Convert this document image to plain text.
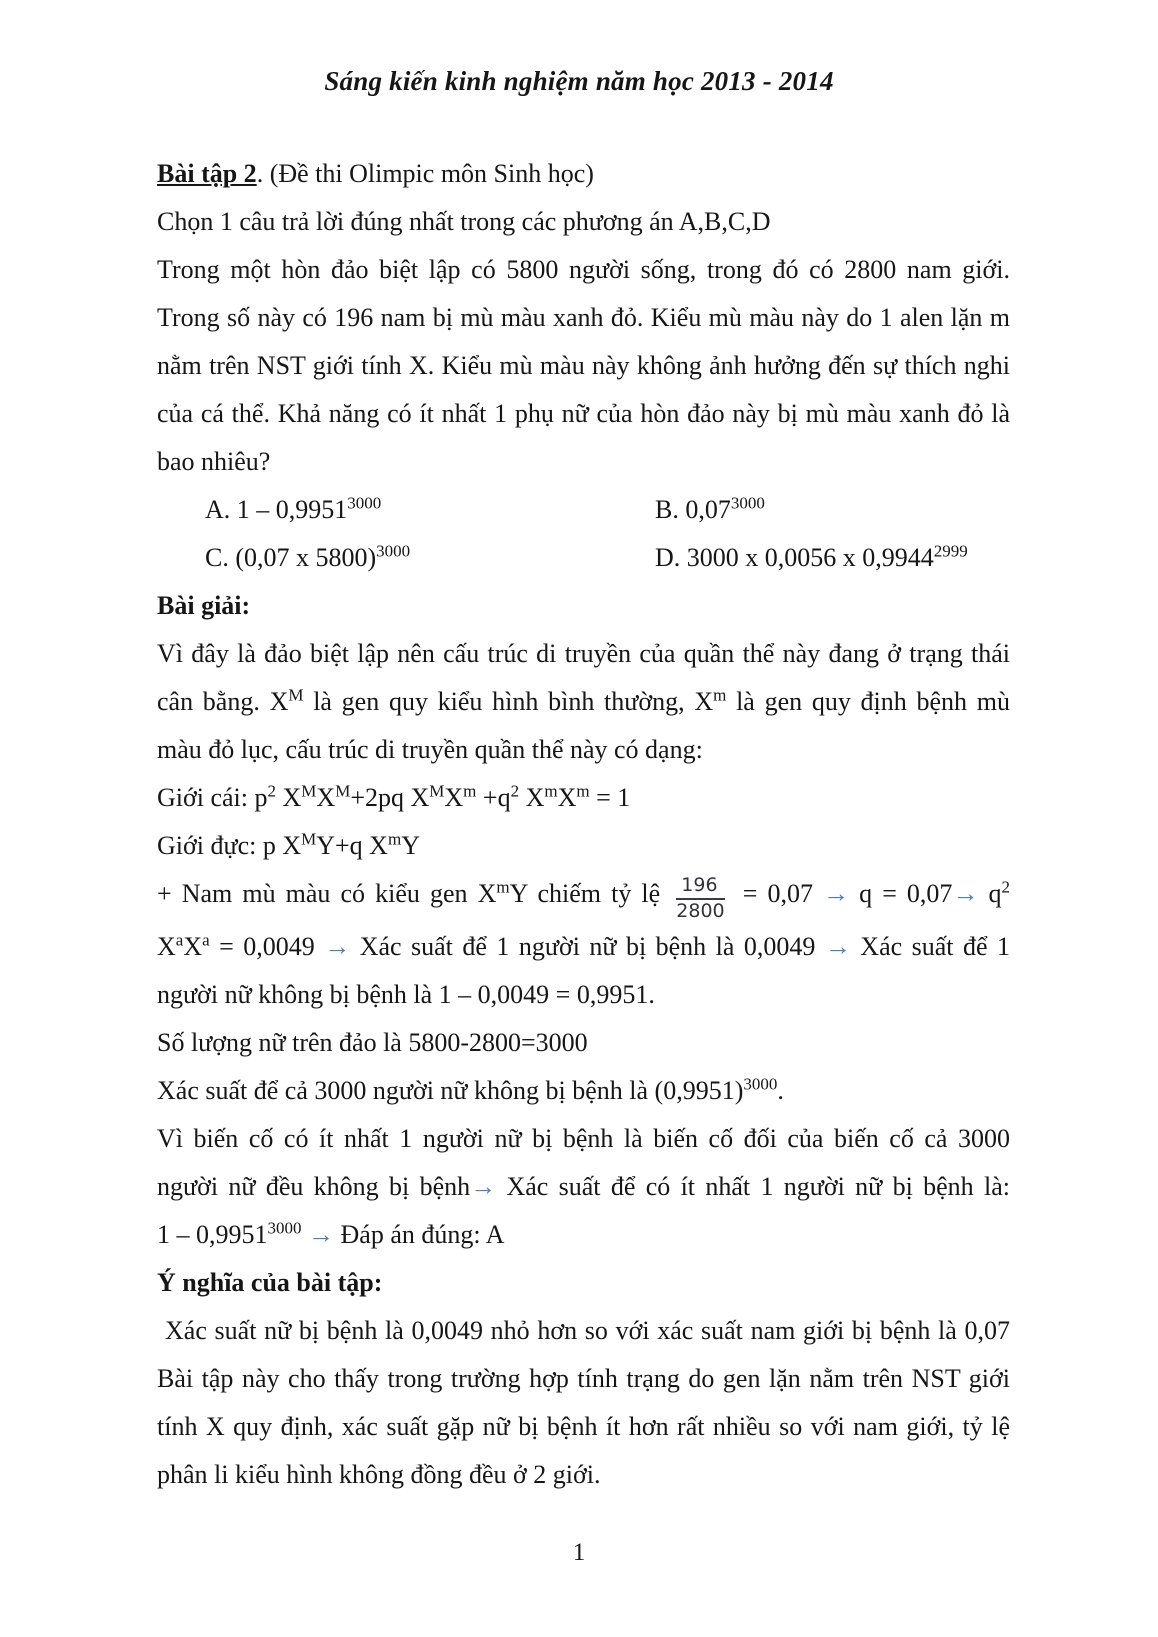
Sáng kiến kinh nghiệm năm học 2013 - 2014
Bài tập 2. (Đề thi Olimpic môn Sinh học)
Chọn 1 câu trả lời đúng nhất trong các phương án A,B,C,D
Trong một hòn đảo biệt lập có 5800 người sống, trong đó có 2800 nam giới.
Trong số này có 196 nam bị mù màu xanh đỏ. Kiểu mù màu này do 1 alen lặn m
nằm trên NST giới tính X. Kiểu mù màu này không ảnh hưởng đến sự thích nghi
của cá thể. Khả năng có ít nhất 1 phụ nữ của hòn đảo này bị mù màu xanh đỏ là
bao nhiêu?
A. $1 - 0,9951^{3000}$	B. $0,07^{3000}$
C. (0,07 x 5800)$^{3000}$	D. 3000 x 0,0056 x $0,9944^{2999}$
Bài giải:
Vì đây là đảo biệt lập nên cấu trúc di truyền của quần thể này đang ở trạng thái
cân bằng. $X^M$ là gen quy kiểu hình bình thường, $X^m$ là gen quy định bệnh mù
màu đỏ lục, cấu trúc di truyền quần thể này có dạng:
Giới cái: $p^2$ $X^MX^M+2pq$ $X^MX^m +q^2$ $X^mX^m = 1$
Giới đực: p $X^MY+q$ $X^mY$
+ Nam mù màu có kiểu gen $X^mY$ chiếm tỷ lệ $\frac{196}{2800} = 0,07 \to q = 0,07\to q^2$
$X^aX^a = 0,0049$ → Xác suất để 1 người nữ bị bệnh là 0,0049 → Xác suất để 1
người nữ không bị bệnh là 1 – 0,0049 = 0,9951.
Số lượng nữ trên đảo là 5800-2800=3000
Xác suất để cả 3000 người nữ không bị bệnh là $(0,9951)^{3000}$.
Vì biến cố có ít nhất 1 người nữ bị bệnh là biến cố đối của biến cố cả 3000
người nữ đều không bị bệnh→ Xác suất để có ít nhất 1 người nữ bị bệnh là:
$1 - 0,9951^{3000}$ → Đáp án đúng: A
Ý nghĩa của bài tập:
Xác suất nữ bị bệnh là 0,0049 nhỏ hơn so với xác suất nam giới bị bệnh là 0,07
Bài tập này cho thấy trong trường hợp tính trạng do gen lặn nằm trên NST giới
tính X quy định, xác suất gặp nữ bị bệnh ít hơn rất nhiều so với nam giới, tỷ lệ
phân li kiểu hình không đồng đều ở 2 giới.
1
